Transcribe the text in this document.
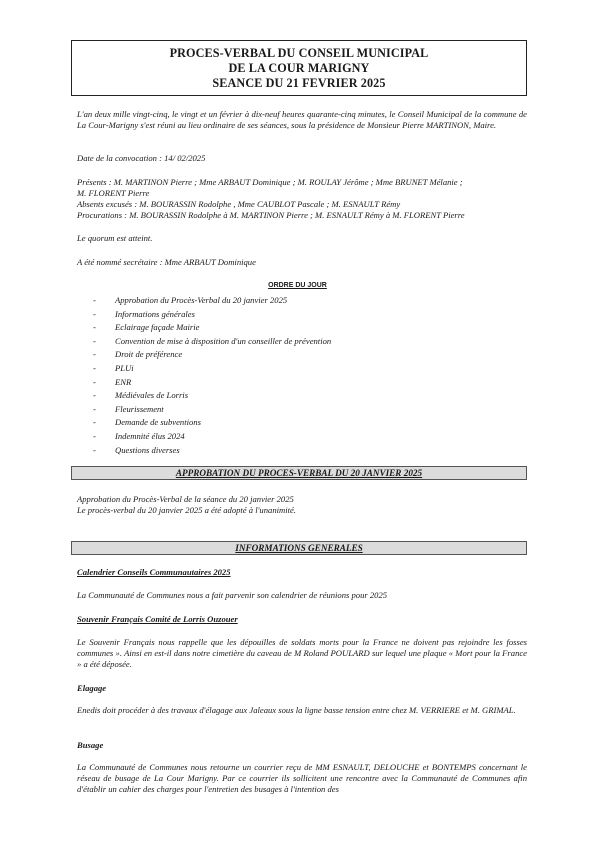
PROCES-VERBAL DU CONSEIL MUNICIPAL
DE LA COUR MARIGNY
SEANCE DU 21 FEVRIER 2025

L'an deux mille vingt-cinq, le vingt et un février à dix-neuf heures quarante-cinq minutes, le Conseil Municipal de la commune de La Cour-Marigny s'est réuni au lieu ordinaire de ses séances, sous la présidence de Monsieur Pierre MARTINON, Maire.

Date de la convocation : 14/ 02/2025

Présents : M. MARTINON Pierre ; Mme ARBAUT Dominique ; M. ROULAY Jérôme ; Mme BRUNET Mélanie ;
M. FLORENT Pierre
Absents excusés : M. BOURASSIN Rodolphe , Mme CAUBLOT Pascale ; M. ESNAULT Rémy
Procurations : M. BOURASSIN Rodolphe à M. MARTINON Pierre ; M. ESNAULT Rémy à M. FLORENT Pierre

Le quorum est atteint.

A été nommé secrétaire : Mme ARBAUT Dominique

ORDRE DU JOUR
- Approbation du Procès-Verbal du 20 janvier 2025
- Informations générales
- Eclairage façade Mairie
- Convention de mise à disposition d'un conseiller de prévention
- Droit de préférence
- PLUi
- ENR
- Médiévales de Lorris
- Fleurissement
- Demande de subventions
- Indemnité élus 2024
- Questions diverses
APPROBATION DU PROCES-VERBAL DU 20 JANVIER 2025
Approbation du Procès-Verbal de la séance du 20 janvier 2025
Le procès-verbal du 20 janvier 2025 a été adopté à l'unanimité.
INFORMATIONS GENERALES
Calendrier Conseils Communautaires 2025

La Communauté de Communes nous a fait parvenir son calendrier de réunions pour 2025

Souvenir Français Comité de Lorris Ouzouer

Le Souvenir Français nous rappelle que les dépouilles de soldats morts pour la France ne doivent pas rejoindre les fosses communes ». Ainsi en est-il dans notre cimetière du caveau de M Roland POULARD sur lequel une plaque « Mort pour la France » a été déposée.

Elagage

Enedis doit procéder à des travaux d'élagage aux Jaleaux sous la ligne basse tension entre chez M. VERRIERE et M. GRIMAL.

Busage

La Communauté de Communes nous retourne un courrier reçu de MM ESNAULT, DELOUCHE et BONTEMPS concernant le réseau de busage de La Cour Marigny. Par ce courrier ils sollicitent une rencontre avec la Communauté de Communes afin d'établir un cahier des charges pour l'entretien des busages à l'intention des
